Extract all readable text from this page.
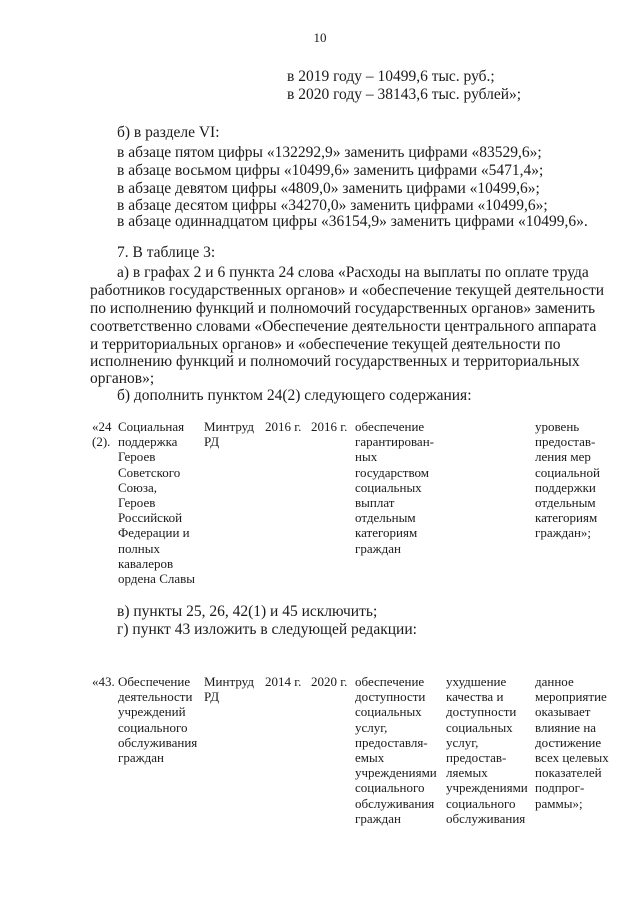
10
в 2019 году – 10499,6 тыс. руб.;
в 2020 году – 38143,6 тыс. рублей»;
б) в разделе VI:
в абзаце пятом цифры «132292,9» заменить цифрами «83529,6»;
в абзаце восьмом цифры «10499,6» заменить цифрами «5471,4»;
в абзаце девятом цифры «4809,0» заменить цифрами «10499,6»;
в абзаце десятом цифры «34270,0» заменить цифрами «10499,6»;
в абзаце одиннадцатом цифры «36154,9» заменить цифрами «10499,6».
7. В таблице 3:
а) в графах 2 и 6 пункта 24 слова «Расходы на выплаты по оплате труда
работников государственных органов» и «обеспечение текущей деятельности
по исполнению функций и полномочий государственных органов» заменить
соответственно словами «Обеспечение деятельности центрального аппарата
и территориальных органов» и «обеспечение текущей деятельности по
исполнению функций и полномочий государственных и территориальных
органов»;
б) дополнить пунктом 24(2) следующего содержания:
«24
(2).
Социальная
поддержка
Героев
Советского
Союза,
Героев
Российской
Федерации и
полных
кавалеров
ордена Славы
Минтруд
РД
2016 г. 2016 г. обеспечение
гарантирован-
ных
государством
социальных
выплат
отдельным
категориям
граждан
уровень
предостав-
ления мер
социальной
поддержки
отдельным
категориям
граждан»;
в) пункты 25, 26, 42(1) и 45 исключить;
г) пункт 43 изложить в следующей редакции:
«43. Обеспечение
деятельности
учреждений
социального
обслуживания
граждан
Минтруд
РД
2014 г. 2020 г. обеспечение
доступности
социальных
услуг,
предоставля-
емых
учреждениями
социального
обслуживания
граждан
ухудшение
качества и
доступности
социальных
услуг,
предостав-
ляемых
учреждениями
социального
обслуживания
данное
мероприятие
оказывает
влияние на
достижение
всех целевых
показателей
подпрог-
раммы»;
